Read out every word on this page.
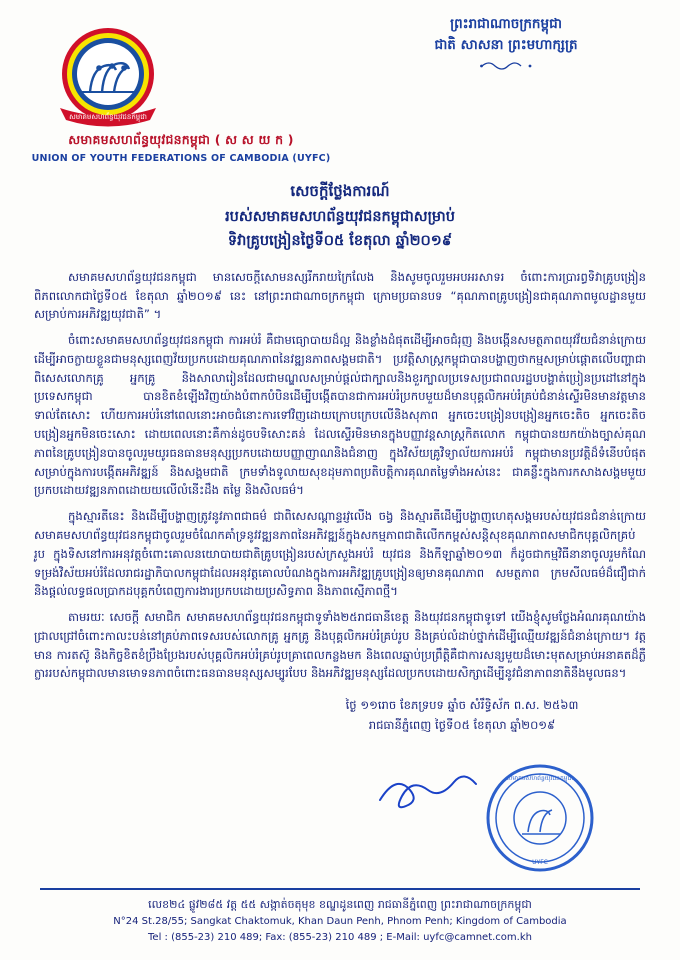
សមាគមសហព័ន្ធយុវជនកម្ពុជា
សមាគមសហព័ន្ធយុវជនកម្ពុជា ( ស ស យ ក )
UNION OF YOUTH FEDERATIONS OF CAMBODIA (UYFC)
ព្រះរាជាណាចក្រកម្ពុជា
ជាតិ សាសនា ព្រះមហាក្សត្រ
សេចក្តីថ្លែងការណ៍
របស់សមាគមសហព័ន្ធយុវជនកម្ពុជាសម្រាប់
ទិវាគ្រូបង្រៀនថ្ងៃទី០៥ ខែតុលា ឆ្នាំ២០១៩

សមាគមសហព័ន្ធយុវជនកម្ពុជា មានសេចក្តីសោមនស្សរីករាយក្រៃលែង និងសូមចូលរួមអបអរសាទរ ចំពោះការប្រារព្ធទិវាគ្រូបង្រៀនពិភពលោកជាថ្ងៃទី០៥ ខែតុលា ឆ្នាំ២០១៩ នេះ នៅព្រះរាជាណាចក្រកម្ពុជា ក្រោមប្រធានបទ “គុណភាពគ្រូបង្រៀនជាគុណភាពមូលដ្ឋានមួយសម្រាប់ការអភិវឌ្ឍយុវជាតិ” ។

ចំពោះសមាគមសហព័ន្ធយុវជនកម្ពុជា ការអប់រំ គឺជាមធ្យោបាយដ៏ល្អ និងខ្លាំងដំផុតដើម្បីអាចជំរុញ និងបង្កើនសមត្ថភាពយុវវ័យជំនាន់ក្រោយដើម្បីអាចក្លាយខ្លួនជាមនុស្សពេញវ័យប្រកបដោយគុណភាពនៃវឌ្ឍនភាពសង្គមជាតិ។ ប្រវត្តិសាស្ត្រកម្ពុជាបានបង្ហាញថាកម្មសម្រាប់ផ្តោតលើបញ្ហាជាពិសេសលោកគ្រូ អ្នកគ្រូ និងសាលារៀនដែលជាមណ្ឌលសម្រាប់ផ្តល់ជាក្បាលនិងខួរក្បាលប្រទេសប្រជាពលរដ្ឋបបង្ហាត់ប្រៀនប្រដៅនៅក្នុងប្រទេសកម្ពុជា បានខិតខំឡើងវិញយ៉ាងបំពាកបំបិនដើម្បីបង្កើតបានជាការអប់រំប្រកបមួយដ៏មានបុគ្គលិកអប់រំគ្រប់ជំនាន់ស្ទើរមិនមានវត្តមានទាល់តែសោះ ហើយការអប់រំនៅពេលនោះអាចជំនោះការទៅវិញដោយក្រោបក្រេបលើនិងសុភាព អ្នកចេះបង្រៀនបង្រៀនអ្នកចេះតិច អ្នកចេះតិចបង្រៀនអ្នកមិនចេះសោះ ដោយពេលនោះគឺកាន់ដូចបទិសោះគន់ ដែលស្ទើរមិនមានក្នុងបញ្ញាវន្តសាស្ត្រកិតលោក កម្ពុជាបានយកយ៉ាងច្បាស់គុណភាពនៃគ្រូបង្រៀនបានចូលរួមយូរធនធានមនុស្សប្រកបដោយបញ្ញាញាណនិងជំនាញ ក្នុងវិស័យគ្រូវិទ្យាល័យការអប់រំ កម្ពុជាមានប្រវត្តិដ៏ទំនើបបំផុតសម្រាប់ក្នុងការបង្កើតអភិវឌ្ឍន៍ និងសង្គមជាតិ ក្រមទាំងទូលាយសុខដុមភាពប្រតិបត្តិការគុណតម្លៃទាំងអស់នេះ ជាគន្លឹះក្នុងការកសាងសង្គមមួយប្រកបដោយវឌ្ឍនភាពដោយយលើលំនើះដឹង តម្លៃ និងសិលធម៌។

ក្នុងស្មារតីនេះ និងដើម្បីបង្ហាញត្រូវនូវភាពជាធម៌ ជាពិសេសណ្តាន្ទរវ្ញលើង ចង្វ និងស្មារតីដើម្បីបង្ហាញហេតុសង្គមរបស់យុវជនជំនាន់ក្រោយ សមាគមសហព័ន្ធយុវជនកម្ពុជាចូលរួមចំណែកគាំទ្រនូវវឌ្ឍនភាពនៃអភិវឌ្ឍន៍ក្នុងសកម្មភាពជាតិលើកកម្ពស់សន្តិសុខគុណភាពសមាជិកបុគ្គលិកគ្រប់រូប ក្នុងទិសនៅការអនុវត្តចំពោះគោលនយោបាយជាតិគ្រូបង្រៀនរបស់ក្រសួងអប់រំ យុវជន និងកីឡាឆ្នាំ២០១៣ ក៏ដូចជាកម្មវិធីនានាចូលរួមកំណែទម្រង់វិស័យអប់រំដែលរាជរដ្ឋាភិបាលកម្ពុជាដែលអនុវត្តគោលបំណងក្នុងការអភិវឌ្ឍគ្រូបង្រៀនឲ្យមានគុណភាព សមត្ថភាព ក្រមសីលធម៌ដ៏ជឿជាក់ និងផ្តល់លទ្ធផលប្រាកដបុគ្គកបំពេញការងារប្រកបដោយប្រសិទ្ធភាព និងភាពស្មើភាពថ្មី។

តាមរយៈ សេចក្តី សមាជិក សមាគមសហព័ន្ធយុវជនកម្ពុជាទូទាំង២៥រាជធានីខេត្ត និងយុវជនកម្ពុជាទូទៅ យើងខ្ញុំសូមថ្លែងអំណរគុណយ៉ាងជ្រាលជ្រៅចំពោះកាលះបន់នៅគ្រប់ភាពទេសរបស់លោកគ្រូ អ្នកគ្រូ និងបុគ្គលិកអប់រំគ្រប់រូប និងគ្រប់លំដាប់ថ្នាក់ដើម្បីឈ្មើយវឌ្ឍន៍ជំនាន់ក្រោយ។ វត្តមាន ការតស៊ូ និងកិច្ចខិតខំប្រឹងប្រែងរបស់បុគ្គលិកអប់រំគ្រប់រូបគ្រាពេលកន្លងមក និងពេលឆ្នាប់ប្រព្រឹត្តិគឺជាការសន្សមួយដ៏មោះមុតសម្រាប់អនាគតដ៏ភ្លឺក្លាររបស់កម្ពុជាលមានមោទនភាពចំពោះធនធានមនុស្សសម្បូរបែប និងអភិវឌ្ឍមនុស្សដែលប្រកបដោយសិក្សាដើម្បីនូវជំនាភាពនាតិនឹងមូលធន។

ថ្ងៃ ១១រោច ខែភទ្របទ ឆ្នាំច សំរឹទ្ធិស័ក ព.ស. ២៥៦៣
រាជធានីភ្នំពេញ ថ្ងៃទី០៥ ខែតុលា ឆ្នាំ២០១៩
សមាគមសហព័ន្ធយុវជនកម្ពុជា
UYFC
លេខ២៤ ផ្លូវ២៨៥ វត្ត ៥៥ សង្កាត់ចតុមុខ ខណ្ឌដូនពេញ រាជធានីភ្នំពេញ ព្រះរាជាណាចក្រកម្ពុជា
N°24 St.28/55; Sangkat Chaktomuk, Khan Daun Penh, Phnom Penh; Kingdom of Cambodia
Tel : (855-23) 210 489; Fax: (855-23) 210 489 ; E-Mail: uyfc@camnet.com.kh
